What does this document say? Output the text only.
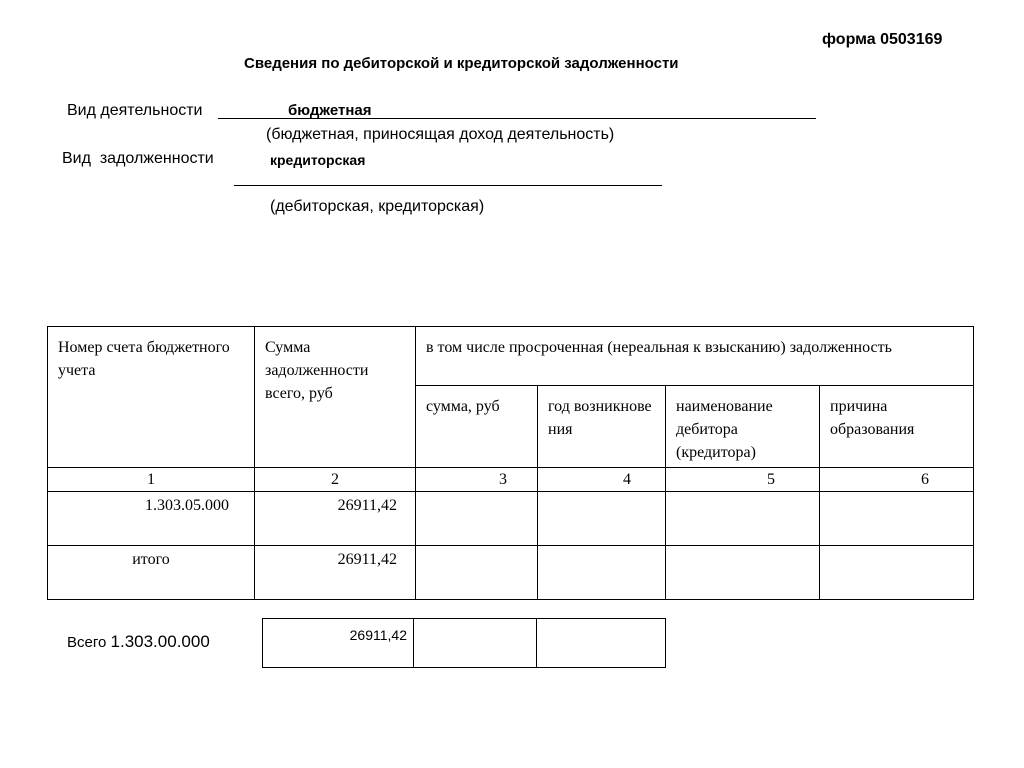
форма 0503169
Сведения по дебиторской и кредиторской задолженности
Вид деятельности	бюджетная
(бюджетная, приносящая доход деятельность)
Вид  задолженности	кредиторская
(дебиторская, кредиторская)
Номер счета бюджетного учета	Сумма задолженности всего, руб	в том числе просроченная (нереальная к взысканию) задолженность			
		сумма, руб	год возникновения	наименование дебитора (кредитора)	причина образования
1	2	3	4	5	6
1.303.05.000	26911,42				
итого	26911,42				
Всего 1.303.00.000	26911,42		
